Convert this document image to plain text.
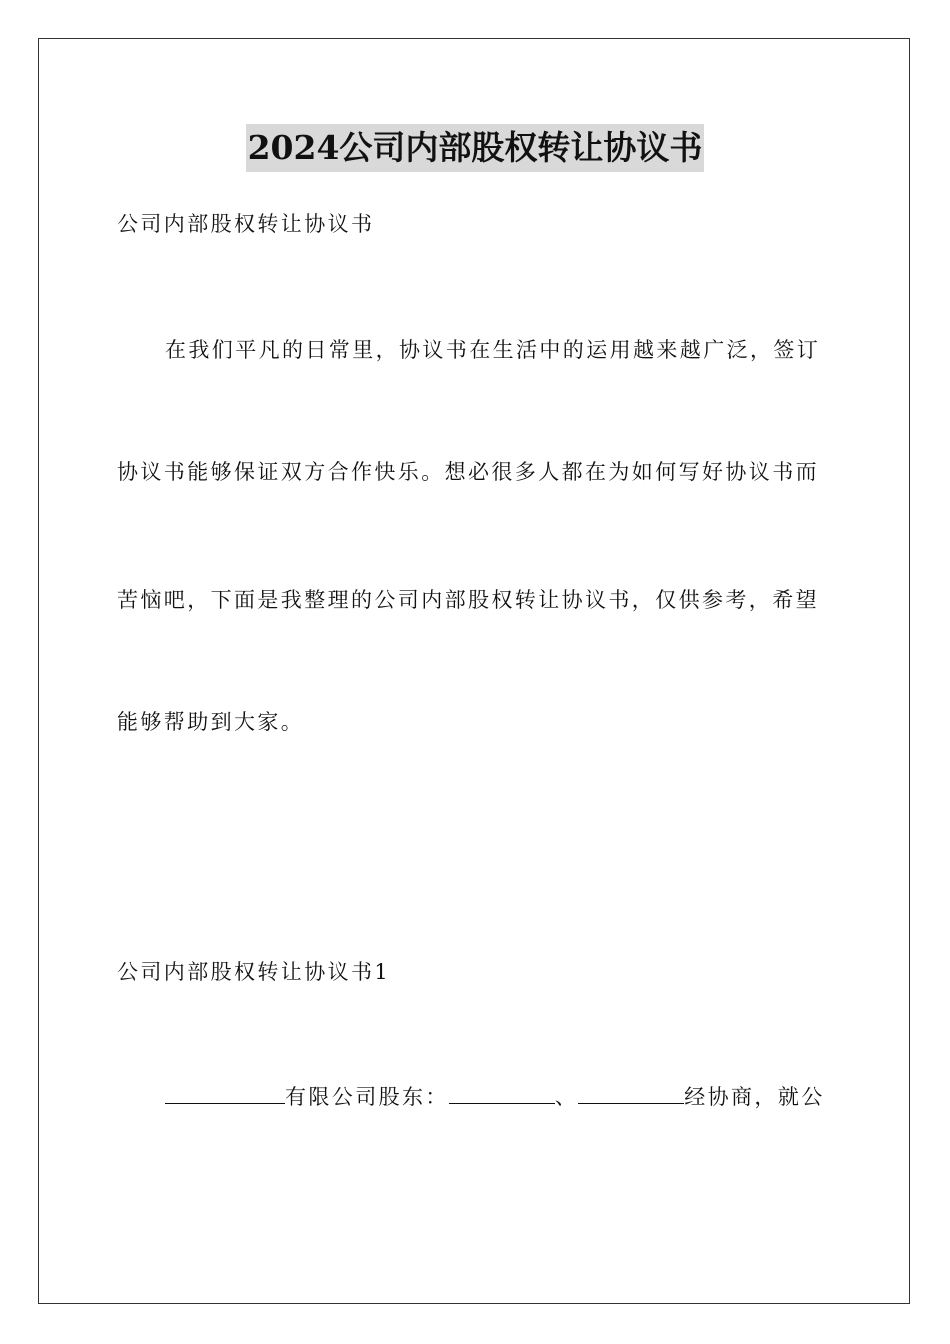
2024公司内部股权转让协议书
公司内部股权转让协议书
在我们平凡的日常里，协议书在生活中的运用越来越广泛，签订
协议书能够保证双方合作快乐。想必很多人都在为如何写好协议书而
苦恼吧，下面是我整理的公司内部股权转让协议书，仅供参考，希望
能够帮助到大家。
公司内部股权转让协议书1
有限公司股东：	、	经协商，就公
